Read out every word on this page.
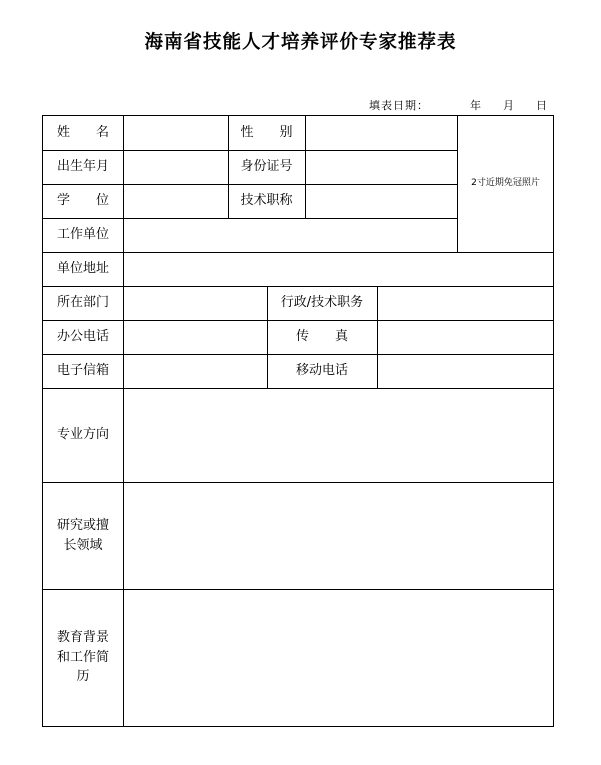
海南省技能人才培养评价专家推荐表
填表日期：	年 月 日
姓　　名	性　　别
出生年月	身份证号
学　　位	技术职称
2寸近期免冠照片
工作单位
单位地址
所在部门	行政/技术职务
办公电话	传　　真
电子信箱	移动电话
专业方向
研究或擅长领域
教育背景和工作简历
